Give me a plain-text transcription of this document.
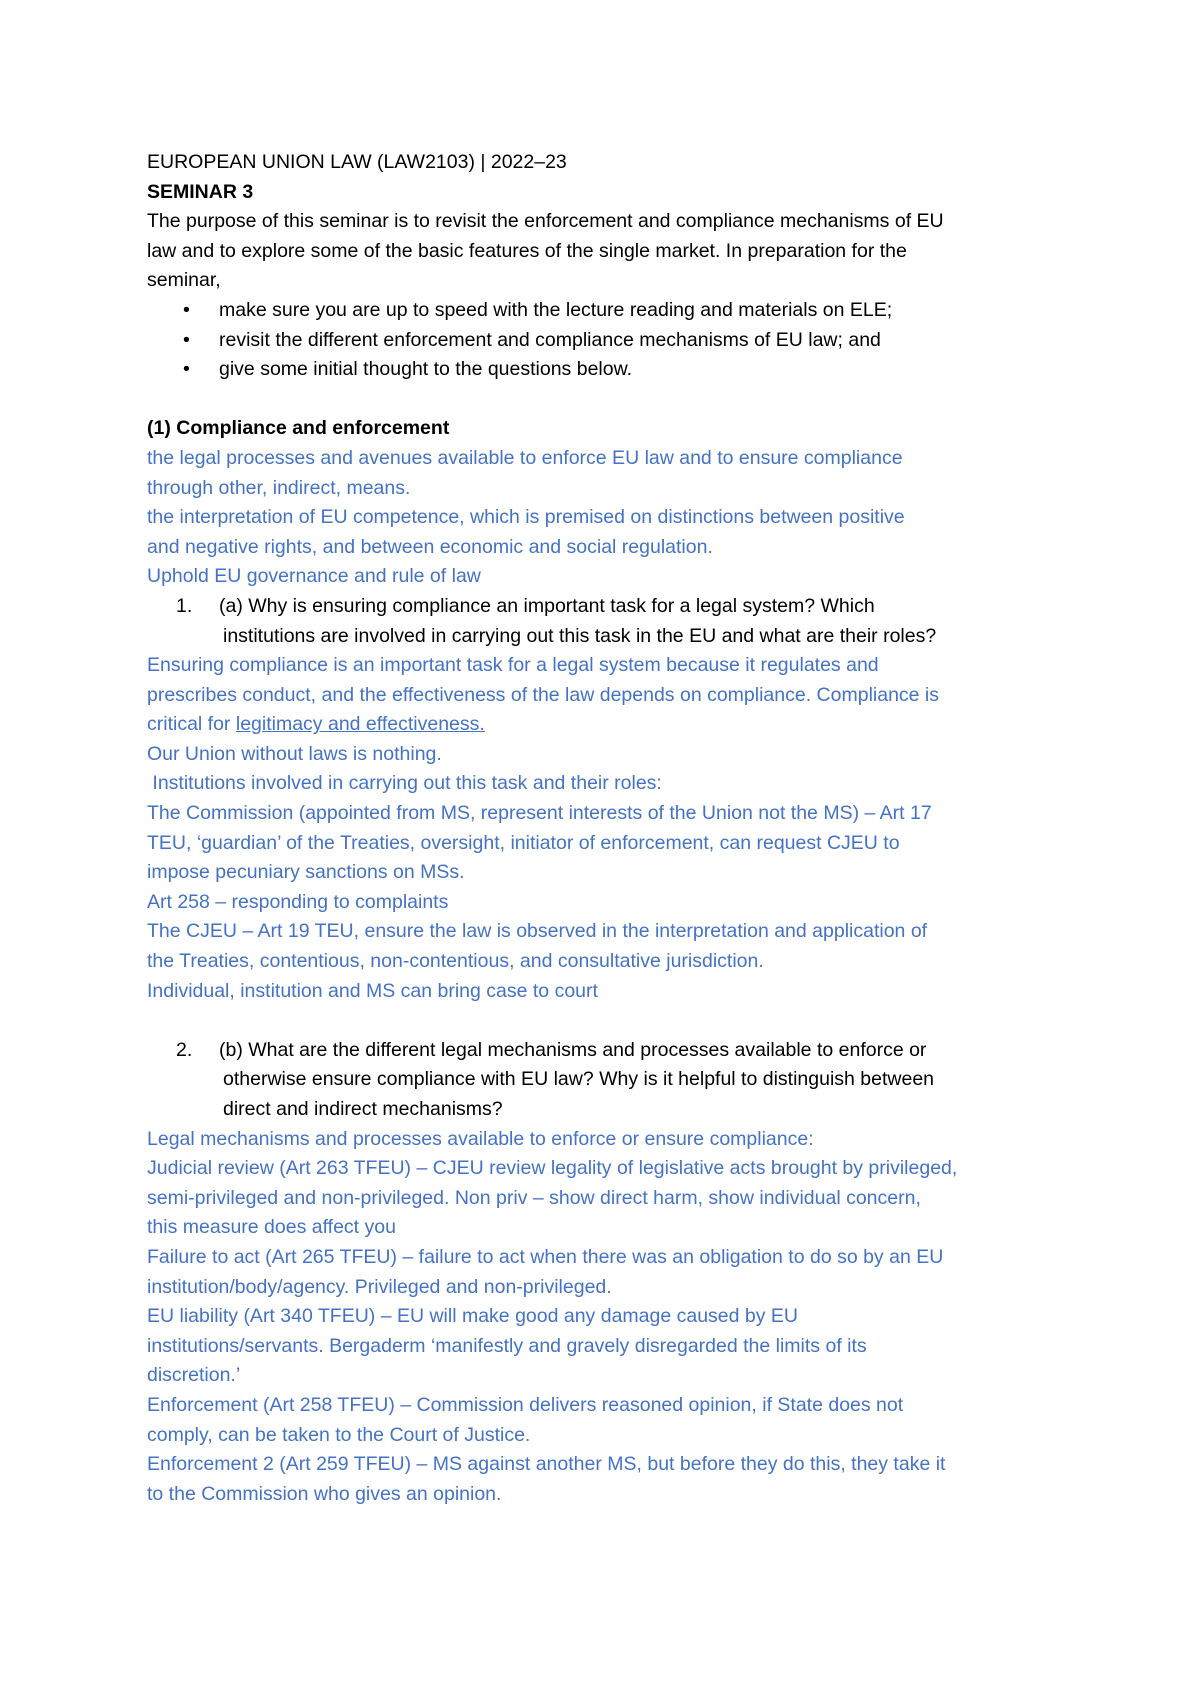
EUROPEAN UNION LAW (LAW2103) | 2022–23

SEMINAR 3

The purpose of this seminar is to revisit the enforcement and compliance mechanisms of EU

law and to explore some of the basic features of the single market. In preparation for the

seminar,

• make sure you are up to speed with the lecture reading and materials on ELE;
• revisit the different enforcement and compliance mechanisms of EU law; and
• give some initial thought to the questions below.

(1) Compliance and enforcement

the legal processes and avenues available to enforce EU law and to ensure compliance

through other, indirect, means.

the interpretation of EU competence, which is premised on distinctions between positive

and negative rights, and between economic and social regulation.

Uphold EU governance and rule of law

1. (a) Why is ensuring compliance an important task for a legal system? Which

institutions are involved in carrying out this task in the EU and what are their roles?

Ensuring compliance is an important task for a legal system because it regulates and

prescribes conduct, and the effectiveness of the law depends on compliance. Compliance is

critical for legitimacy and effectiveness.

Our Union without laws is nothing.

Institutions involved in carrying out this task and their roles:

The Commission (appointed from MS, represent interests of the Union not the MS) – Art 17

TEU, ‘guardian’ of the Treaties, oversight, initiator of enforcement, can request CJEU to

impose pecuniary sanctions on MSs.

Art 258 – responding to complaints

The CJEU – Art 19 TEU, ensure the law is observed in the interpretation and application of

the Treaties, contentious, non-contentious, and consultative jurisdiction.

Individual, institution and MS can bring case to court

2. (b) What are the different legal mechanisms and processes available to enforce or

otherwise ensure compliance with EU law? Why is it helpful to distinguish between

direct and indirect mechanisms?

Legal mechanisms and processes available to enforce or ensure compliance:

Judicial review (Art 263 TFEU) – CJEU review legality of legislative acts brought by privileged,

semi-privileged and non-privileged. Non priv – show direct harm, show individual concern,

this measure does affect you

Failure to act (Art 265 TFEU) – failure to act when there was an obligation to do so by an EU

institution/body/agency. Privileged and non-privileged.

EU liability (Art 340 TFEU) – EU will make good any damage caused by EU

institutions/servants. Bergaderm ‘manifestly and gravely disregarded the limits of its

discretion.’

Enforcement (Art 258 TFEU) – Commission delivers reasoned opinion, if State does not

comply, can be taken to the Court of Justice.

Enforcement 2 (Art 259 TFEU) – MS against another MS, but before they do this, they take it

to the Commission who gives an opinion.
